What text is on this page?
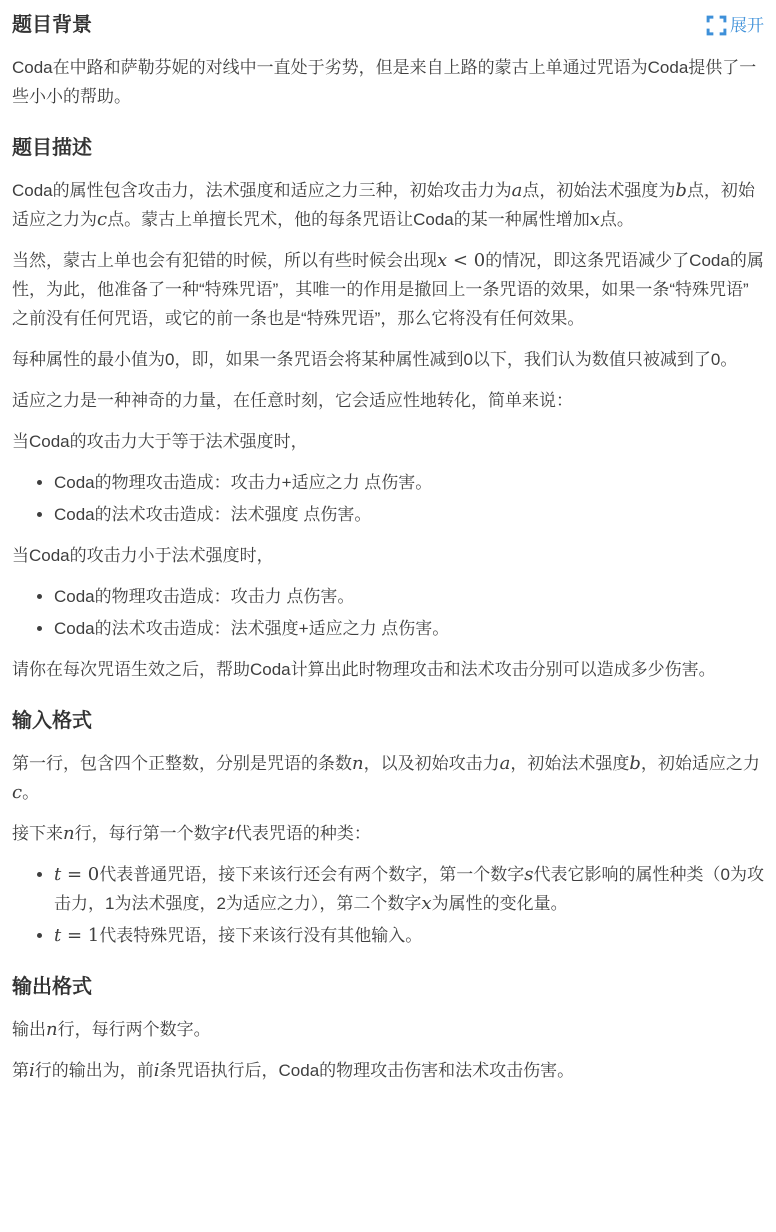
题目背景	展开

Coda在中路和萨勒芬妮的对线中一直处于劣势，但是来自上路的蒙古上单通过咒语为Coda提供了一些小小的帮助。

题目描述

Coda的属性包含攻击力，法术强度和适应之力三种，初始攻击力为a点，初始法术强度为b点，初始适应之力为c点。蒙古上单擅长咒术，他的每条咒语让Coda的某一种属性增加x点。

当然，蒙古上单也会有犯错的时候，所以有些时候会出现x < 0的情况，即这条咒语减少了Coda的属性，为此，他准备了一种“特殊咒语”，其唯一的作用是撤回上一条咒语的效果，如果一条“特殊咒语”之前没有任何咒语，或它的前一条也是“特殊咒语”，那么它将没有任何效果。

每种属性的最小值为0，即，如果一条咒语会将某种属性减到0以下，我们认为数值只被减到了0。

适应之力是一种神奇的力量，在任意时刻，它会适应性地转化，简单来说：

当Coda的攻击力大于等于法术强度时，

• Coda的物理攻击造成：攻击力+适应之力 点伤害。
• Coda的法术攻击造成：法术强度 点伤害。

当Coda的攻击力小于法术强度时，

• Coda的物理攻击造成：攻击力 点伤害。
• Coda的法术攻击造成：法术强度+适应之力 点伤害。

请你在每次咒语生效之后，帮助Coda计算出此时物理攻击和法术攻击分别可以造成多少伤害。

输入格式

第一行，包含四个正整数，分别是咒语的条数n，以及初始攻击力a，初始法术强度b，初始适应之力c。

接下来n行，每行第一个数字t代表咒语的种类：

• t = 0代表普通咒语，接下来该行还会有两个数字，第一个数字s代表它影响的属性种类（0为攻击力，1为法术强度，2为适应之力），第二个数字x为属性的变化量。
• t = 1代表特殊咒语，接下来该行没有其他输入。
输出格式

输出n行，每行两个数字。

第i行的输出为，前i条咒语执行后，Coda的物理攻击伤害和法术攻击伤害。
